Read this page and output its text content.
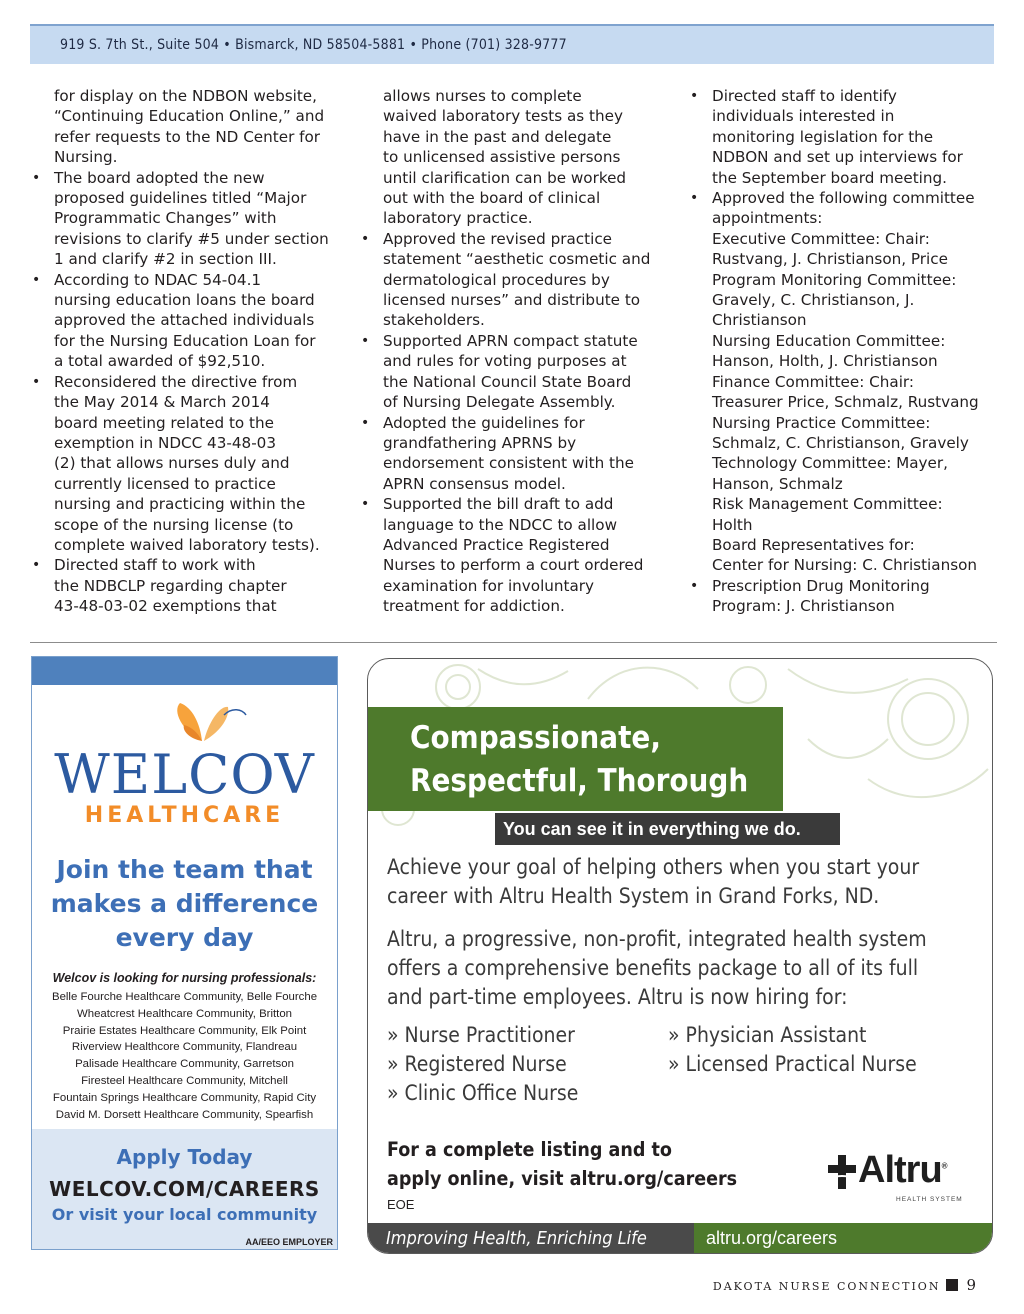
919 S. 7th St., Suite 504 • Bismarck, ND 58504-5881 • Phone (701) 328-9777

for display on the NDBON website,
“Continuing Education Online,” and
refer requests to the ND Center for
Nursing.

• The board adopted the new
proposed guidelines titled “Major
Programmatic Changes” with
revisions to clarify #5 under section
1 and clarify #2 in section III.
• According to NDAC 54-04.1
nursing education loans the board
approved the attached individuals
for the Nursing Education Loan for
a total awarded of $92,510.
• Reconsidered the directive from
the May 2014 & March 2014
board meeting related to the
exemption in NDCC 43-48-03
(2) that allows nurses duly and
currently licensed to practice
nursing and practicing within the
scope of the nursing license (to
complete waived laboratory tests).
• Directed staff to work with
the NDBCLP regarding chapter
43-48-03-02 exemptions that

allows nurses to complete
waived laboratory tests as they
have in the past and delegate
to unlicensed assistive persons
until clarification can be worked
out with the board of clinical
laboratory practice.

• Approved the revised practice
statement “aesthetic cosmetic and
dermatological procedures by
licensed nurses” and distribute to
stakeholders.
• Supported APRN compact statute
and rules for voting purposes at
the National Council State Board
of Nursing Delegate Assembly.
• Adopted the guidelines for
grandfathering APRNS by
endorsement consistent with the
APRN consensus model.
• Supported the bill draft to add
language to the NDCC to allow
Advanced Practice Registered
Nurses to perform a court ordered
examination for involuntary
treatment for addiction.
• Directed staff to identify
individuals interested in
monitoring legislation for the
NDBON and set up interviews for
the September board meeting.
• Approved the following committee
appointments:
Executive Committee: Chair:
Rustvang, J. Christianson, Price
Program Monitoring Committee:
Gravely, C. Christianson, J.
Christianson
Nursing Education Committee:
Hanson, Holth, J. Christianson
Finance Committee: Chair:
Treasurer Price, Schmalz, Rustvang
Nursing Practice Committee:
Schmalz, C. Christianson, Gravely
Technology Committee: Mayer,
Hanson, Schmalz
Risk Management Committee:
Holth
Board Representatives for:
Center for Nursing: C. Christianson
• Prescription Drug Monitoring
Program: J. Christianson
WELCOV
HEALTHCARE
Join the team that
makes a difference
every day
Welcov is looking for nursing professionals:
Belle Fourche Healthcare Community, Belle Fourche
Wheatcrest Healthcare Community, Britton
Prairie Estates Healthcare Community, Elk Point
Riverview Healthcore Community, Flandreau
Palisade Healthcare Community, Garretson
Firesteel Healthcare Community, Mitchell
Fountain Springs Healthcare Community, Rapid City
David M. Dorsett Healthcare Community, Spearfish
Apply Today
WELCOV.COM/CAREERS
Or visit your local community
AA/EEO EMPLOYER
Compassionate,
Respectful, Thorough
You can see it in everything we do.
Achieve your goal of helping others when you start your
career with Altru Health System in Grand Forks, ND.
Altru, a progressive, non-profit, integrated health system
offers a comprehensive benefits package to all of its full
and part-time employees. Altru is now hiring for:
» Nurse Practitioner	» Physician Assistant
» Registered Nurse	» Licensed Practical Nurse
» Clinic Office Nurse
For a complete listing and to
apply online, visit altru.org/careers
EOE
Altru®
HEALTH SYSTEM
Improving Health, Enriching Life	altru.org/careers
DAKOTA NURSE CONNECTION 9
